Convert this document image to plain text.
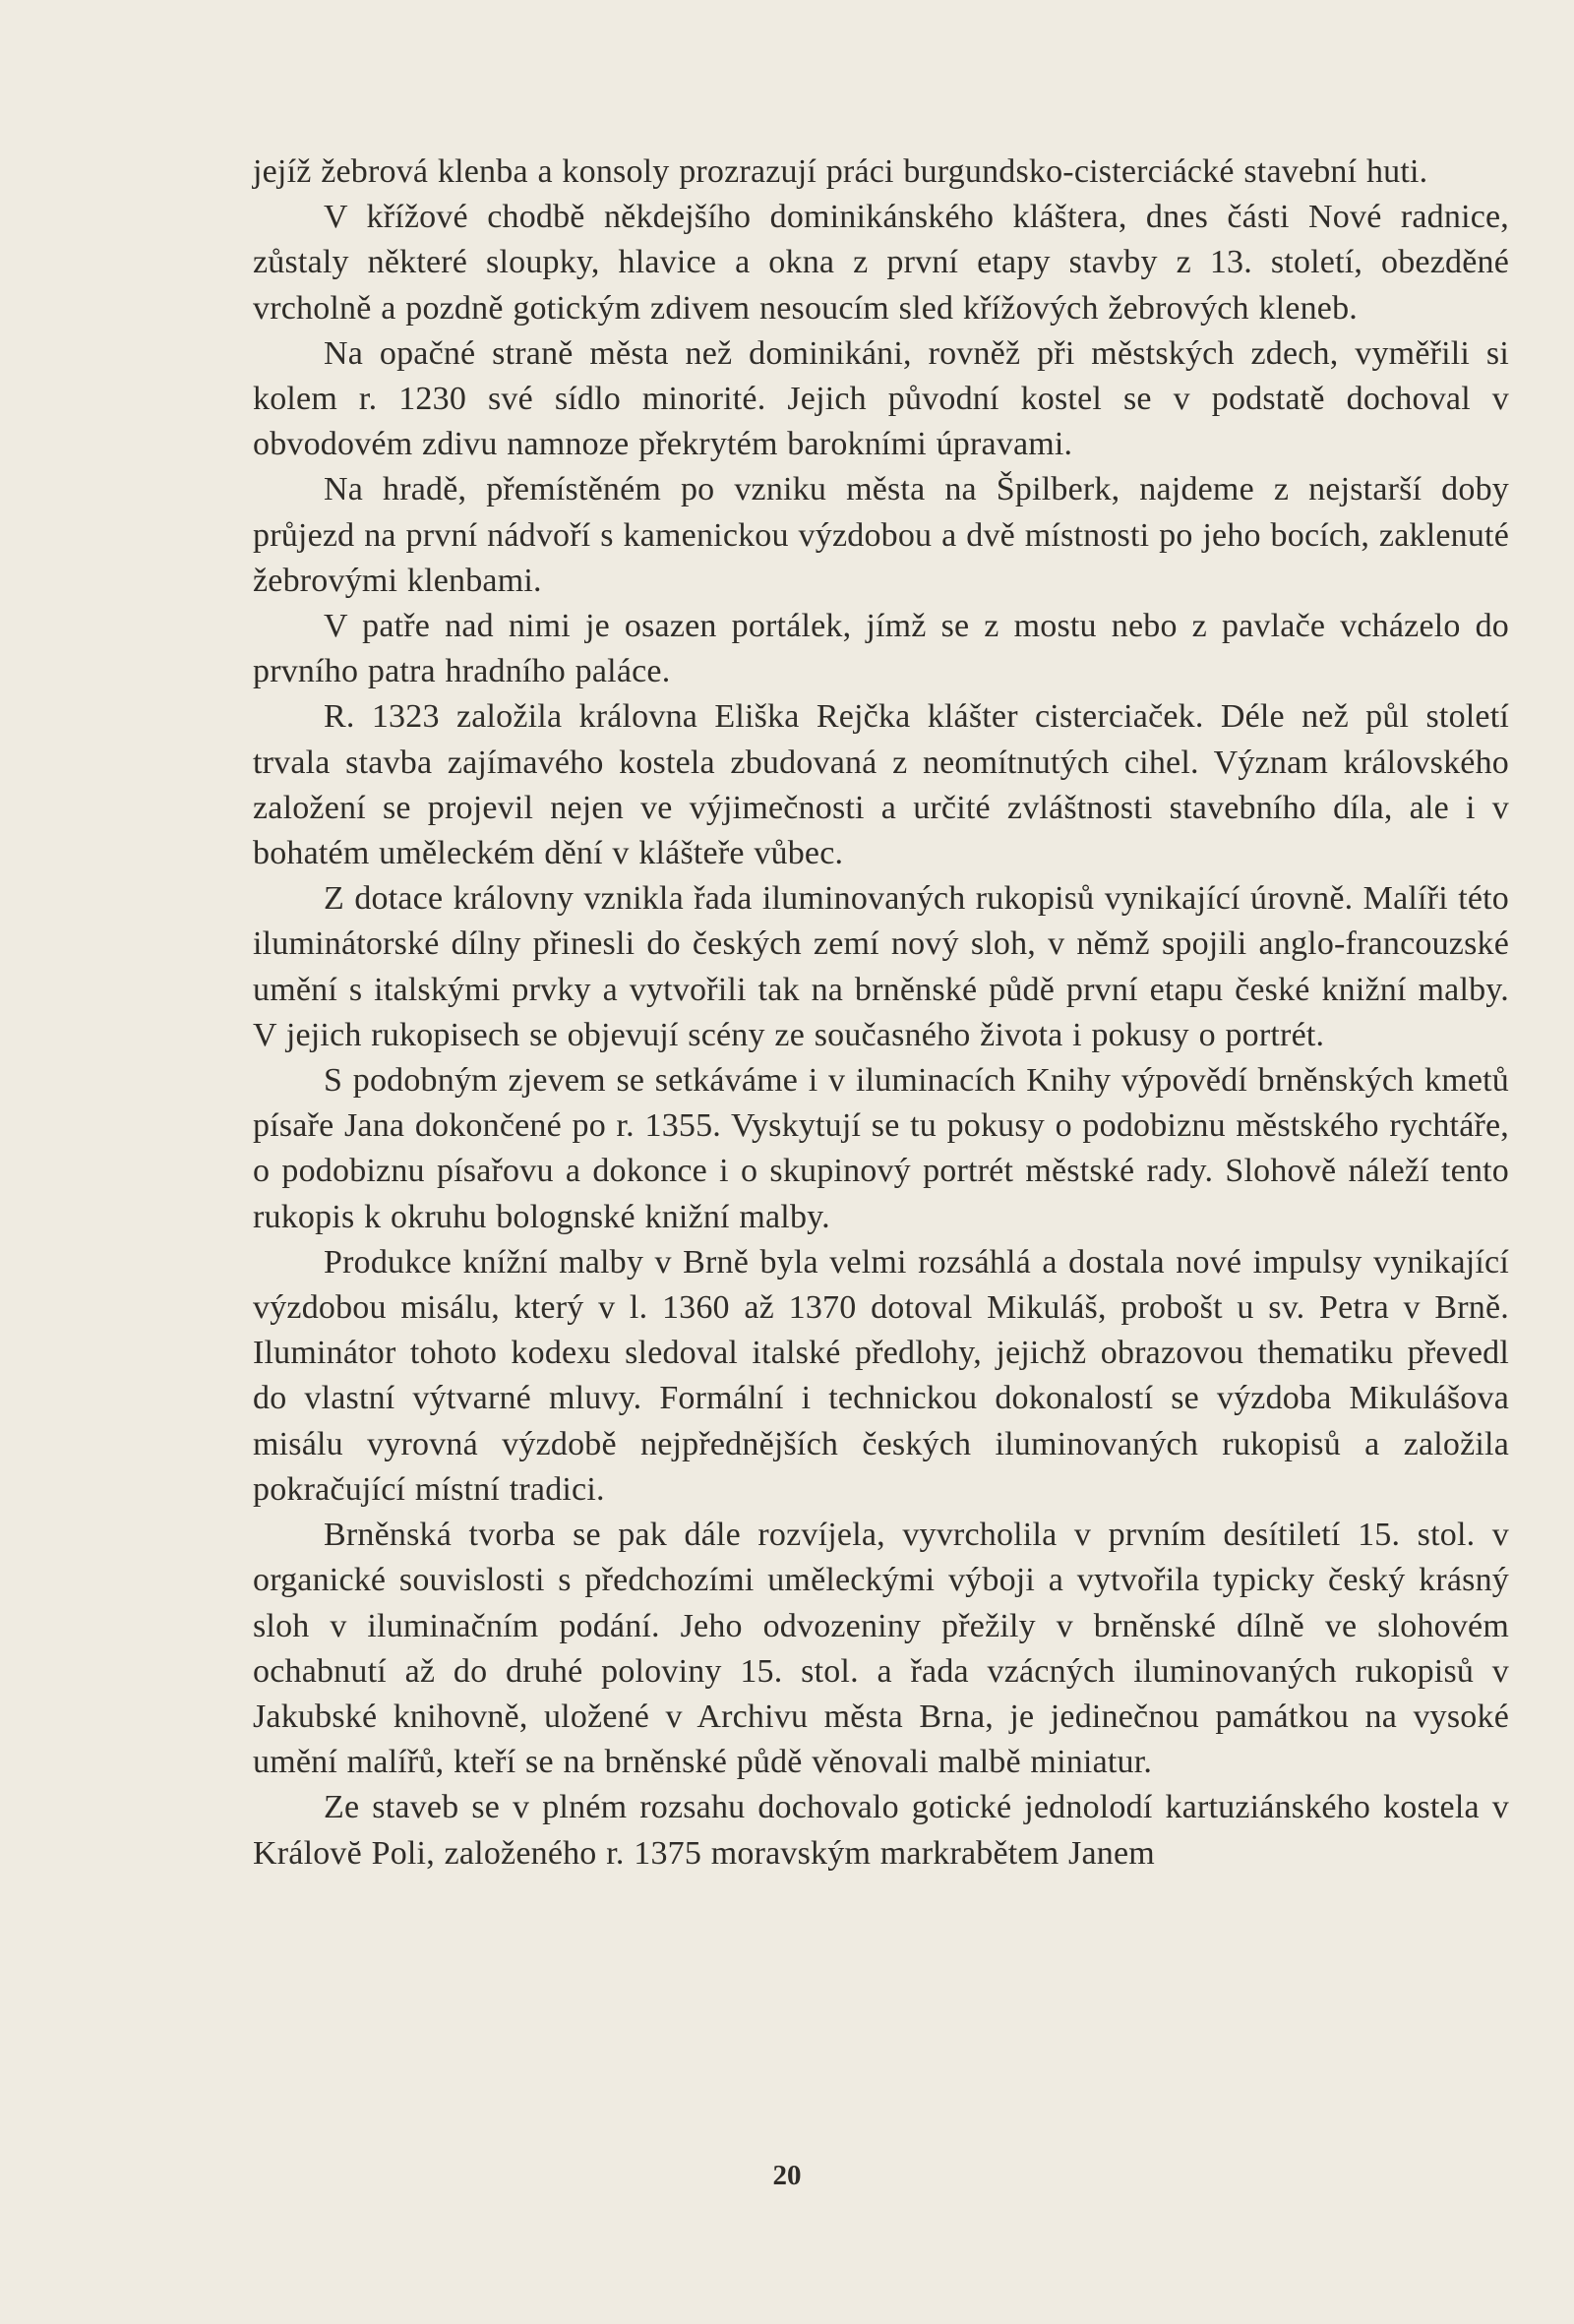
jejíž žebrová klenba a konsoly prozrazují práci burgundsko-cisterciácké stavební huti.

V křížové chodbě někdejšího dominikánského kláštera, dnes části Nové radnice, zůstaly některé sloupky, hlavice a okna z první etapy stavby z 13. století, obezděné vrcholně a pozdně gotickým zdivem nesoucím sled křížových žebrových kleneb.

Na opačné straně města než dominikáni, rovněž při městských zdech, vyměřili si kolem r. 1230 své sídlo minorité. Jejich původní kostel se v podstatě dochoval v obvodovém zdivu namnoze překrytém barokními úpravami.

Na hradě, přemístěném po vzniku města na Špilberk, najdeme z nejstarší doby průjezd na první nádvoří s kamenickou výzdobou a dvě místnosti po jeho bocích, zaklenuté žebrovými klenbami.

V patře nad nimi je osazen portálek, jímž se z mostu nebo z pavlače vcházelo do prvního patra hradního paláce.

R. 1323 založila královna Eliška Rejčka klášter cisterciaček. Déle než půl století trvala stavba zajímavého kostela zbudovaná z neomítnutých cihel. Význam královského založení se projevil nejen ve výjimečnosti a určité zvláštnosti stavebního díla, ale i v bohatém uměleckém dění v klášteře vůbec.

Z dotace královny vznikla řada iluminovaných rukopisů vynikající úrovně. Malíři této iluminátorské dílny přinesli do českých zemí nový sloh, v němž spojili anglo-francouzské umění s italskými prvky a vytvořili tak na brněnské půdě první etapu české knižní malby. V jejich rukopisech se objevují scény ze současného života i pokusy o portrét.

S podobným zjevem se setkáváme i v iluminacích Knihy výpovědí brněnských kmetů písaře Jana dokončené po r. 1355. Vyskytují se tu pokusy o podobiznu městského rychtáře, o podobiznu písařovu a dokonce i o skupinový portrét městské rady. Slohově náleží tento rukopis k okruhu bolognské knižní malby.

Produkce knížní malby v Brně byla velmi rozsáhlá a dostala nové impulsy vynikající výzdobou misálu, který v l. 1360 až 1370 dotoval Mikuláš, probošt u sv. Petra v Brně. Iluminátor tohoto kodexu sledoval italské předlohy, jejichž obrazovou thematiku převedl do vlastní výtvarné mluvy. Formální i technickou dokonalostí se výzdoba Mikulášova misálu vyrovná výzdobě nejpřednějších českých iluminovaných rukopisů a založila pokračující místní tradici.

Brněnská tvorba se pak dále rozvíjela, vyvrcholila v prvním desítiletí 15. stol. v organické souvislosti s předchozími uměleckými výboji a vytvořila typicky český krásný sloh v iluminačním podání. Jeho odvozeniny přežily v brněnské dílně ve slohovém ochabnutí až do druhé poloviny 15. stol. a řada vzácných iluminovaných rukopisů v Jakubské knihovně, uložené v Archivu města Brna, je jedinečnou památkou na vysoké umění malířů, kteří se na brněnské půdě věnovali malbě miniatur.

Ze staveb se v plném rozsahu dochovalo gotické jednolodí kartuziánského kostela v Královĕ Poli, založeného r. 1375 moravským markrabětem Janem

20
